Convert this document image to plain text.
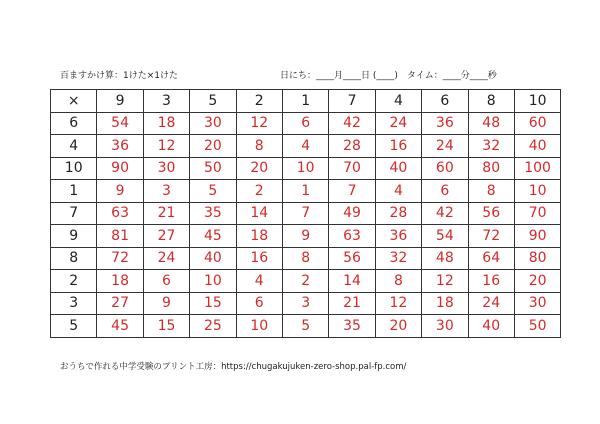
百ますかけ算：1けた×1けた	日にち：____月____日 (____)　タイム：____分____秒
×	9	3	5	2	1	7	4	6	8	10
6	54	18	30	12	6	42	24	36	48	60
4	36	12	20	8	4	28	16	24	32	40
10	90	30	50	20	10	70	40	60	80	100
1	9	3	5	2	1	7	4	6	8	10
7	63	21	35	14	7	49	28	42	56	70
9	81	27	45	18	9	63	36	54	72	90
8	72	24	40	16	8	56	32	48	64	80
2	18	6	10	4	2	14	8	12	16	20
3	27	9	15	6	3	21	12	18	24	30
5	45	15	25	10	5	35	20	30	40	50
おうちで作れる中学受験のプリント工房：https://chugakujuken-zero-shop.pal-fp.com/
